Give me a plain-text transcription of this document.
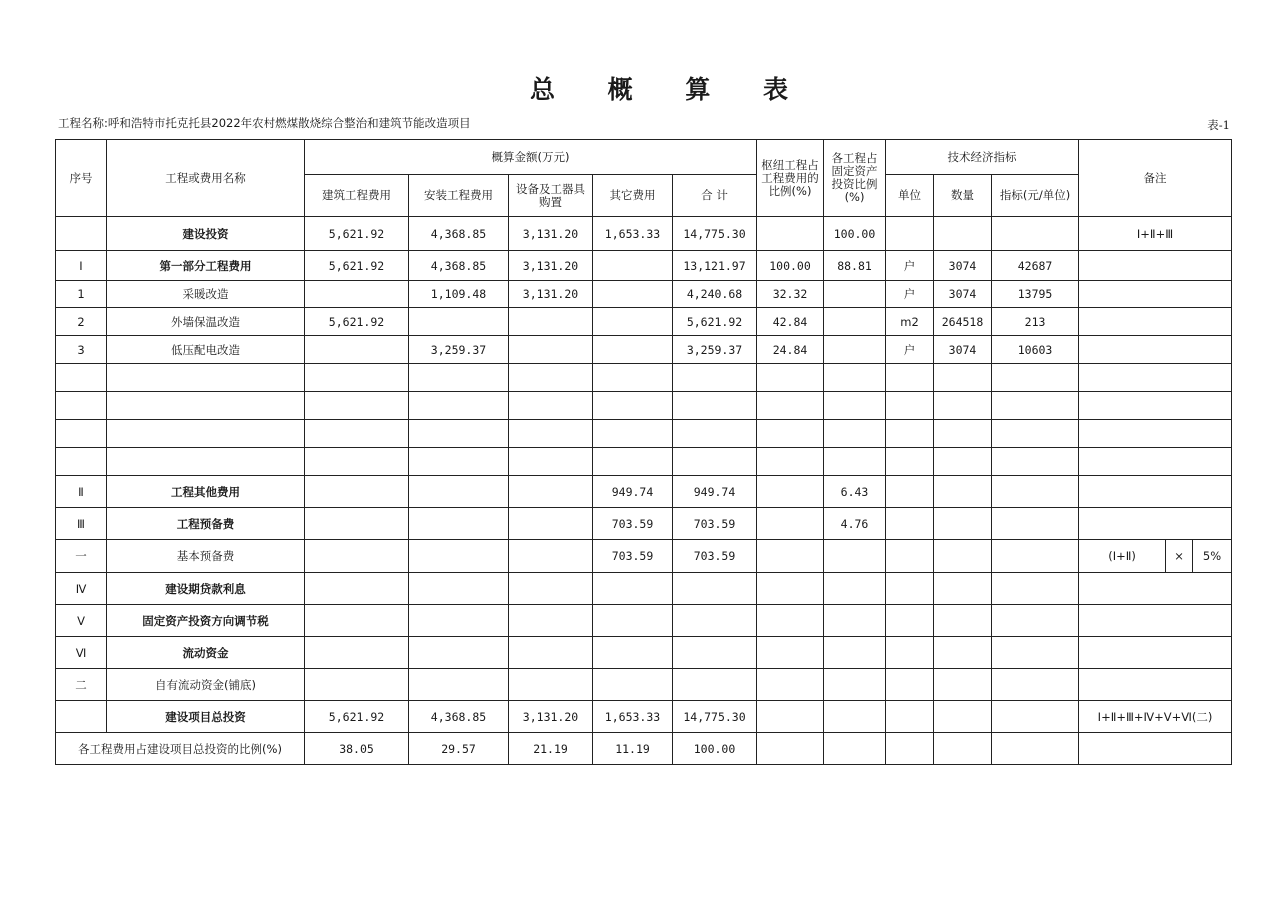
总 概 算 表
工程名称:呼和浩特市托克托县2022年农村燃煤散烧综合整治和建筑节能改造项目	表-1
序号	工程或费用名称	概算金额(万元)					枢纽工程占工程费用的比例(%)	各工程占固定资产投资比例(%)	技术经济指标			备注
		建筑工程费用	安装工程费用	设备及工器具购置	其它费用	合 计			单位	数量	指标(元/单位)	
	建设投资	5,621.92	4,368.85	3,131.20	1,653.33	14,775.30		100.00				Ⅰ+Ⅱ+Ⅲ
Ⅰ	第一部分工程费用	5,621.92	4,368.85	3,131.20		13,121.97	100.00	88.81	户	3074	42687	
1	采暖改造		1,109.48	3,131.20		4,240.68	32.32		户	3074	13795	
2	外墙保温改造	5,621.92				5,621.92	42.84		m2	264518	213	
3	低压配电改造		3,259.37			3,259.37	24.84		户	3074	10603	

Ⅱ	工程其他费用				949.74	949.74		6.43				
Ⅲ	工程预备费				703.59	703.59		4.76				
一	基本预备费				703.59	703.59						(Ⅰ+Ⅱ) × 5%

Ⅳ	建设期贷款利息											
Ⅴ	固定资产投资方向调节税											
Ⅵ	流动资金											
二	自有流动资金(铺底)											
	建设项目总投资	5,621.92	4,368.85	3,131.20	1,653.33	14,775.30						Ⅰ+Ⅱ+Ⅲ+Ⅳ+Ⅴ+Ⅵ(二)
各工程费用占建设项目总投资的比例(%)		38.05	29.57	21.19	11.19	100.00						
